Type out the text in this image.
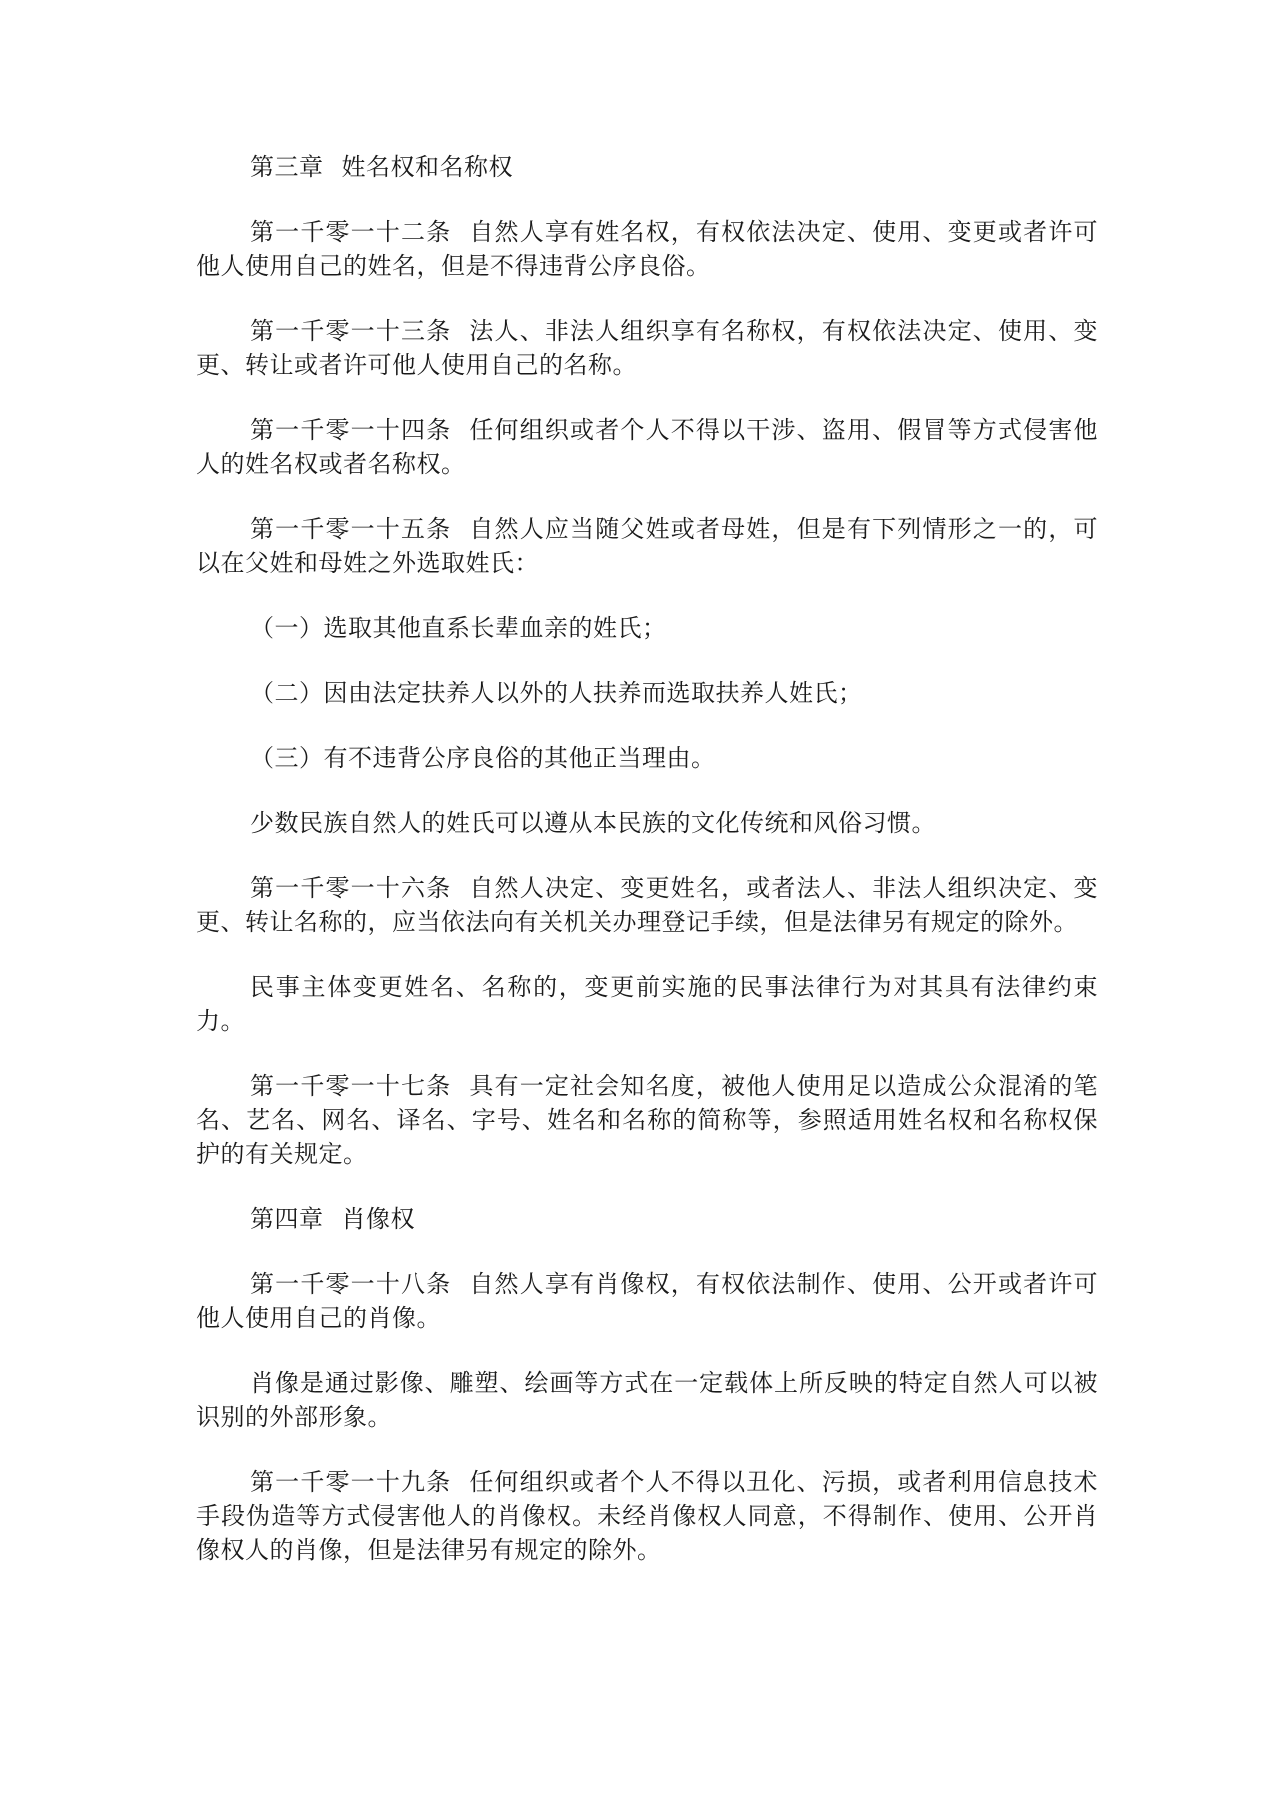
第三章 姓名权和名称权

第一千零一十二条 自然人享有姓名权，有权依法决定、使用、变更或者许可他人使用自己的姓名，但是不得违背公序良俗。

第一千零一十三条 法人、非法人组织享有名称权，有权依法决定、使用、变更、转让或者许可他人使用自己的名称。

第一千零一十四条 任何组织或者个人不得以干涉、盗用、假冒等方式侵害他人的姓名权或者名称权。

第一千零一十五条 自然人应当随父姓或者母姓，但是有下列情形之一的，可以在父姓和母姓之外选取姓氏：

（一）选取其他直系长辈血亲的姓氏；

（二）因由法定扶养人以外的人扶养而选取扶养人姓氏；

（三）有不违背公序良俗的其他正当理由。

少数民族自然人的姓氏可以遵从本民族的文化传统和风俗习惯。

第一千零一十六条 自然人决定、变更姓名，或者法人、非法人组织决定、变更、转让名称的，应当依法向有关机关办理登记手续，但是法律另有规定的除外。

民事主体变更姓名、名称的，变更前实施的民事法律行为对其具有法律约束力。

第一千零一十七条 具有一定社会知名度，被他人使用足以造成公众混淆的笔名、艺名、网名、译名、字号、姓名和名称的简称等，参照适用姓名权和名称权保护的有关规定。

第四章 肖像权

第一千零一十八条 自然人享有肖像权，有权依法制作、使用、公开或者许可他人使用自己的肖像。

肖像是通过影像、雕塑、绘画等方式在一定载体上所反映的特定自然人可以被识别的外部形象。

第一千零一十九条 任何组织或者个人不得以丑化、污损，或者利用信息技术手段伪造等方式侵害他人的肖像权。未经肖像权人同意，不得制作、使用、公开肖像权人的肖像，但是法律另有规定的除外。
